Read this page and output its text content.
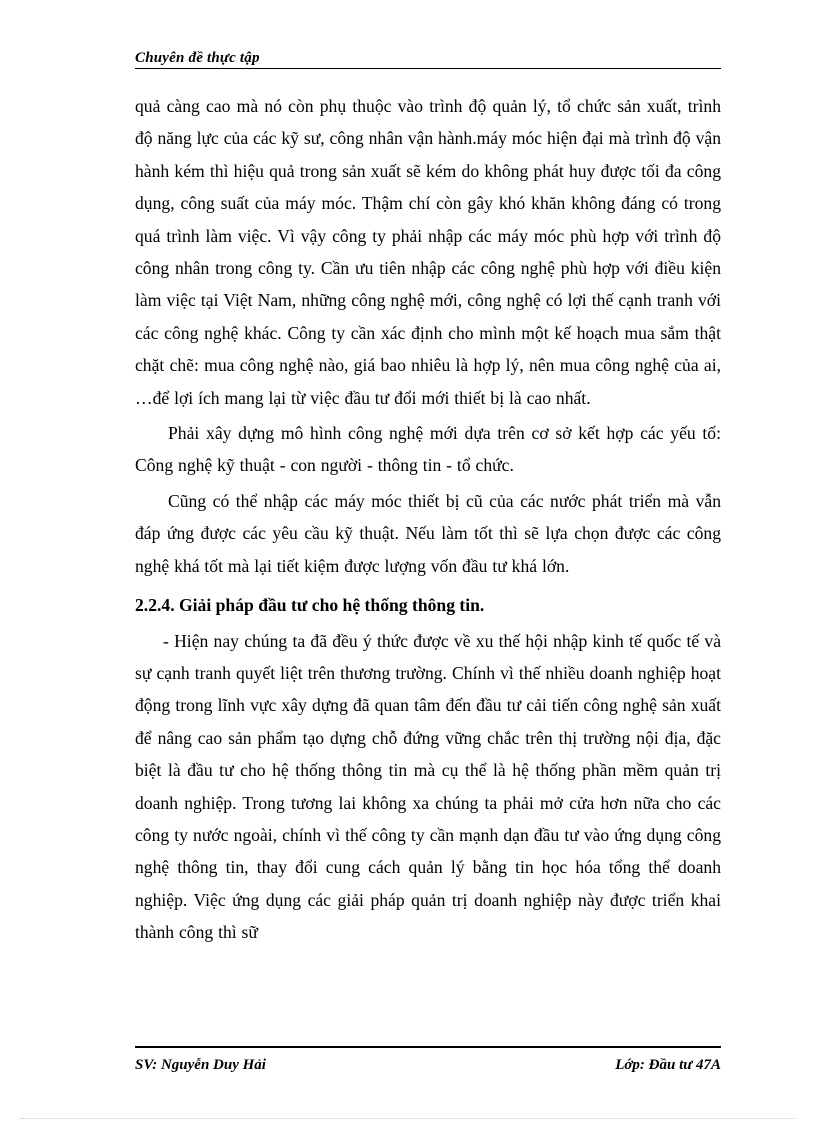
Chuyên đề thực tập

quả càng cao mà nó còn phụ thuộc vào trình độ quản lý, tổ chức sản xuất, trình độ năng lực của các kỹ sư, công nhân vận hành.máy móc hiện đại mà trình độ vận hành kém thì hiệu quả trong sản xuất sẽ kém do không phát huy được tối đa công dụng, công suất của máy móc. Thậm chí còn gây khó khăn không đáng có trong quá trình làm việc. Vì vậy công ty phải nhập các máy móc phù hợp với trình độ công nhân trong công ty. Cần ưu tiên nhập các công nghệ phù hợp với điều kiện làm việc tại Việt Nam, những công nghệ mới, công nghệ có lợi thế cạnh tranh với các công nghệ khác. Công ty cần xác định cho mình một kế hoạch mua sắm thật chặt chẽ: mua công nghệ nào, giá bao nhiêu là hợp lý, nên mua công nghệ của ai, …để lợi ích mang lại từ việc đầu tư đổi mới thiết bị là cao nhất.

Phải xây dựng mô hình công nghệ mới dựa trên cơ sở kết hợp các yếu tố: Công nghệ kỹ thuật - con người - thông tin - tổ chức.

Cũng có thể nhập các máy móc thiết bị cũ của các nước phát triển mà vẫn đáp ứng được các yêu cầu kỹ thuật. Nếu làm tốt thì sẽ lựa chọn được các công nghệ khá tốt mà lại tiết kiệm được lượng vốn đầu tư khá lớn.

2.2.4. Giải pháp đầu tư cho hệ thống thông tin.

- Hiện nay chúng ta đã đều ý thức được về xu thế hội nhập kinh tế quốc tế và sự cạnh tranh quyết liệt trên thương trường. Chính vì thế nhiều doanh nghiệp hoạt động trong lĩnh vực xây dựng đã quan tâm đến đầu tư cải tiến công nghệ sản xuất để nâng cao sản phẩm tạo dựng chỗ đứng vững chắc trên thị trường nội địa, đặc biệt là đầu tư cho hệ thống thông tin mà cụ thể là hệ thống phần mềm quản trị doanh nghiệp. Trong tương lai không xa chúng ta phải mở cửa hơn nữa cho các công ty nước ngoài, chính vì thế công ty cần mạnh dạn đầu tư vào ứng dụng công nghệ thông tin, thay đổi cung cách quản lý bằng tin học hóa tổng thể doanh nghiệp. Việc ứng dụng các giải pháp quản trị doanh nghiệp này được triển khai thành công thì sữ

SV: Nguyễn Duy Hải	Lớp: Đầu tư 47A
